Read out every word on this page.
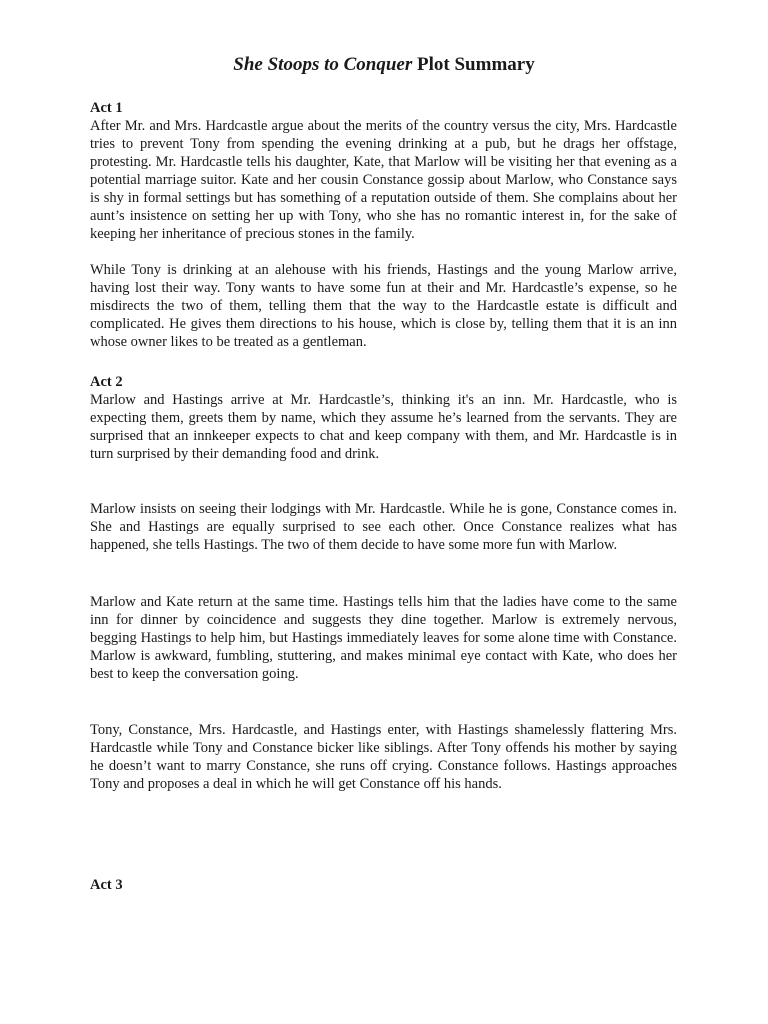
She Stoops to Conquer Plot Summary

Act 1

After Mr. and Mrs. Hardcastle argue about the merits of the country versus the city, Mrs. Hardcastle tries to prevent Tony from spending the evening drinking at a pub, but he drags her offstage, protesting. Mr. Hardcastle tells his daughter, Kate, that Marlow will be visiting her that evening as a potential marriage suitor. Kate and her cousin Constance gossip about Marlow, who Constance says is shy in formal settings but has something of a reputation outside of them. She complains about her aunt’s insistence on setting her up with Tony, who she has no romantic interest in, for the sake of keeping her inheritance of precious stones in the family.

While Tony is drinking at an alehouse with his friends, Hastings and the young Marlow arrive, having lost their way. Tony wants to have some fun at their and Mr. Hardcastle’s expense, so he misdirects the two of them, telling them that the way to the Hardcastle estate is difficult and complicated. He gives them directions to his house, which is close by, telling them that it is an inn whose owner likes to be treated as a gentleman.

Act 2

Marlow and Hastings arrive at Mr. Hardcastle’s, thinking it's an inn. Mr. Hardcastle, who is expecting them, greets them by name, which they assume he’s learned from the servants. They are surprised that an innkeeper expects to chat and keep company with them, and Mr. Hardcastle is in turn surprised by their demanding food and drink.

Marlow insists on seeing their lodgings with Mr. Hardcastle. While he is gone, Constance comes in. She and Hastings are equally surprised to see each other. Once Constance realizes what has happened, she tells Hastings. The two of them decide to have some more fun with Marlow.

Marlow and Kate return at the same time. Hastings tells him that the ladies have come to the same inn for dinner by coincidence and suggests they dine together. Marlow is extremely nervous, begging Hastings to help him, but Hastings immediately leaves for some alone time with Constance. Marlow is awkward, fumbling, stuttering, and makes minimal eye contact with Kate, who does her best to keep the conversation going.

Tony, Constance, Mrs. Hardcastle, and Hastings enter, with Hastings shamelessly flattering Mrs. Hardcastle while Tony and Constance bicker like siblings. After Tony offends his mother by saying he doesn’t want to marry Constance, she runs off crying. Constance follows. Hastings approaches Tony and proposes a deal in which he will get Constance off his hands.

Act 3
